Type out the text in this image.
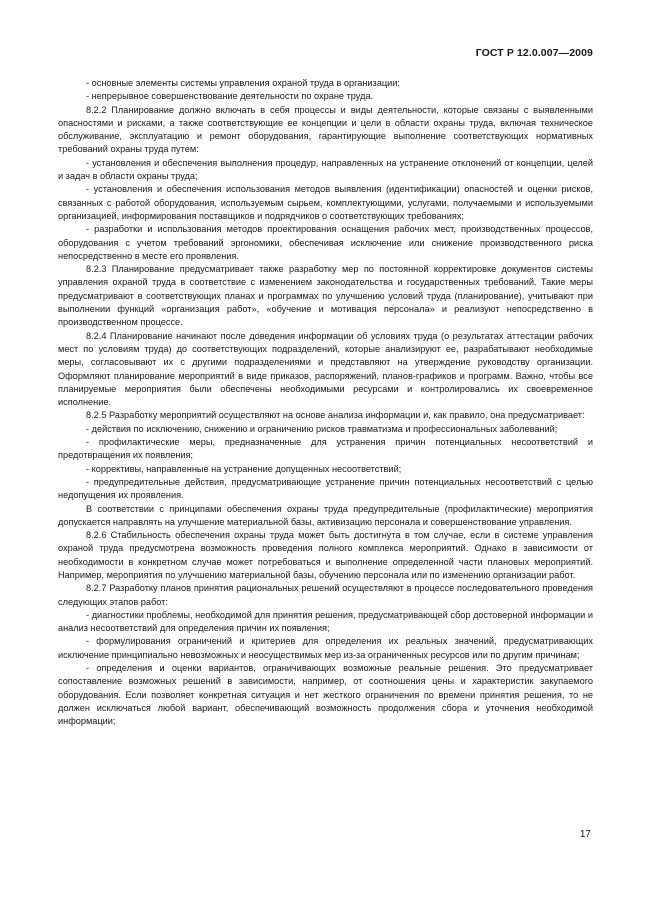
ГОСТ Р 12.0.007—2009

- основные элементы системы управления охраной труда в организации;

- непрерывное совершенствование деятельности по охране труда.

8.2.2 Планирование должно включать в себя процессы и виды деятельности, которые связаны с выявленными опасностями и рисками, а также соответствующие ее концепции и цели в области охраны труда, включая техническое обслуживание, эксплуатацию и ремонт оборудования, гарантирующие выполнение соответствующих нормативных требований охраны труда путем:

- установления и обеспечения выполнения процедур, направленных на устранение отклонений от концепции, целей и задач в области охраны труда;

- установления и обеспечения использования методов выявления (идентификации) опасностей и оценки рисков, связанных с работой оборудования, используемым сырьем, комплектующими, услугами, получаемыми и используемыми организацией, информирования поставщиков и подрядчиков о соответствующих требованиях;

- разработки и использования методов проектирования оснащения рабочих мест, производственных процессов, оборудования с учетом требований эргономики, обеспечивая исключение или снижение производственного риска непосредственно в месте его проявления.

8.2.3 Планирование предусматривает также разработку мер по постоянной корректировке документов системы управления охраной труда в соответствие с изменением законодательства и государственных требований. Такие меры предусматривают в соответствующих планах и программах по улучшению условий труда (планирование), учитывают при выполнении функций «организация работ», «обучение и мотивация персонала» и реализуют непосредственно в производственном процессе.

8.2.4 Планирование начинают после доведения информации об условиях труда (о результатах аттестации рабочих мест по условиям труда) до соответствующих подразделений, которые анализируют ее, разрабатывают необходимые меры, согласовывают их с другими подразделениями и представляют на утверждение руководству организации. Оформляют планирование мероприятий в виде приказов, распоряжений, планов-графиков и программ. Важно, чтобы все планируемые мероприятия были обеспечены необходимыми ресурсами и контролировались их своевременное исполнение.

8.2.5 Разработку мероприятий осуществляют на основе анализа информации и, как правило, она предусматривает:

- действия по исключению, снижению и ограничению рисков травматизма и профессиональных заболеваний;

- профилактические меры, предназначенные для устранения причин потенциальных несоответствий и предотвращения их появления;

- коррективы, направленные на устранение допущенных несоответствий;

- предупредительные действия, предусматривающие устранение причин потенциальных несоответствий с целью недопущения их проявления.

В соответствии с принципами обеспечения охраны труда предупредительные (профилактические) мероприятия допускается направлять на улучшение материальной базы, активизацию персонала и совершенствование управления.

8.2.6 Стабильность обеспечения охраны труда может быть достигнута в том случае, если в системе управления охраной труда предусмотрена возможность проведения полного комплекса мероприятий. Однако в зависимости от необходимости в конкретном случае может потребоваться и выполнение определенной части плановых мероприятий. Например, мероприятия по улучшению материальной базы, обучению персонала или по изменению организации работ.

8.2.7 Разработку планов принятия рациональных решений осуществляют в процессе последовательного проведения следующих этапов работ:

- диагностики проблемы, необходимой для принятия решения, предусматривающей сбор достоверной информации и анализ несоответствий для определения причин их появления;

- формулирования ограничений и критериев для определения их реальных значений, предусматривающих исключение принципиально невозможных и неосуществимых мер из-за ограниченных ресурсов или по другим причинам;

- определения и оценки вариантов, ограничивающих возможные реальные решения. Это предусматривает сопоставление возможных решений в зависимости, например, от соотношения цены и характеристик закупаемого оборудования. Если позволяет конкретная ситуация и нет жесткого ограничения по времени принятия решения, то не должен исключаться любой вариант, обеспечивающий возможность продолжения сбора и уточнения необходимой информации;

17
